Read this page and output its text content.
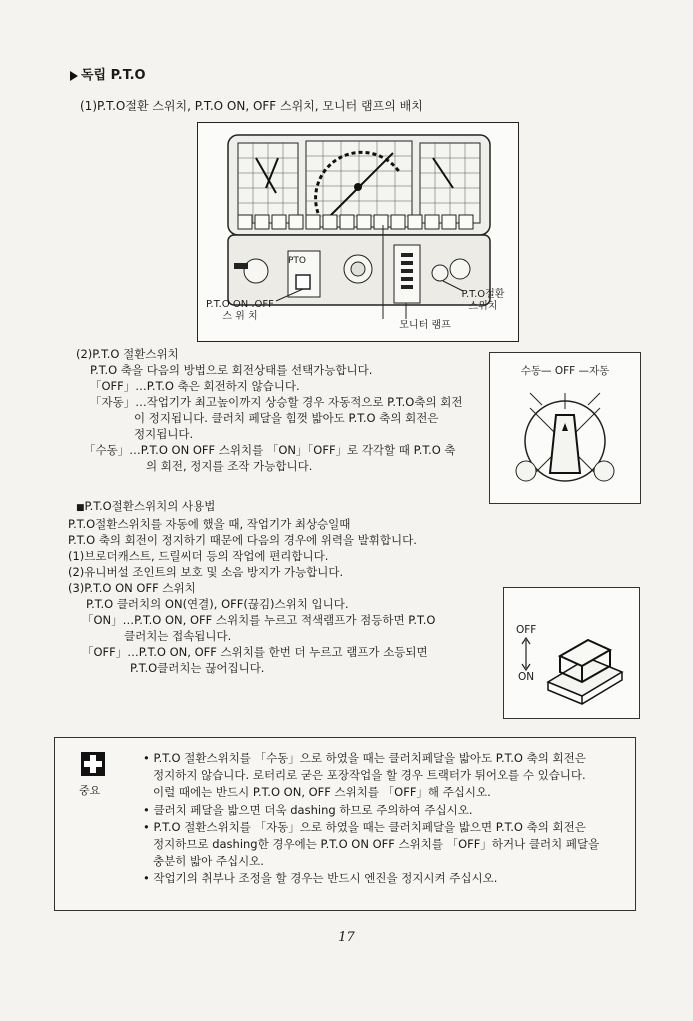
독립 P.T.O
(1)P.T.O절환 스위치, P.T.O ON, OFF 스위치, 모니터 램프의 배치
PTO
P.T.O ON .OFF
스 위 치
모니터 램프
P.T.O절환
스위치
(2)P.T.O 절환스위치
P.T.O 축을 다음의 방법으로 회전상태를 선택가능합니다.
「OFF」…P.T.O 축은 회전하지 않습니다.
「자동」…작업기가 최고높이까지 상승할 경우 자동적으로 P.T.O축의 회전
이 정지됩니다. 클러치 페달을 힘껏 밟아도 P.T.O 축의 회전은
정지됩니다.
「수동」…P.T.O ON OFF 스위치를 「ON」「OFF」로 각각할 때 P.T.O 축
의 회전, 정지를 조작 가능합니다.
수동— OFF —자동
■P.T.O절환스위치의 사용법
P.T.O절환스위치를 자동에 했을 때, 작업기가 최상승일때
P.T.O 축의 회전이 정지하기 때문에 다음의 경우에 위력을 발휘합니다.
(1)브로더캐스트, 드릴씨더 등의 작업에 편리합니다.
(2)유니버설 조인트의 보호 및 소음 방지가 가능합니다.
(3)P.T.O ON OFF 스위치
P.T.O 클러치의 ON(연결), OFF(끊김)스위치 입니다.
「ON」…P.T.O ON, OFF 스위치를 누르고 적색램프가 점등하면 P.T.O
클러치는 접속됩니다.
「OFF」…P.T.O ON, OFF 스위치를 한번 더 누르고 램프가 소등되면
P.T.O클러치는 끊어집니다.
OFF
ON
중요
• P.T.O 절환스위치를 「수동」으로 하였을 때는 클러치페달을 밟아도 P.T.O 축의 회전은
정지하지 않습니다. 로터리로 굳은 포장작업을 할 경우 트랙터가 튀어오를 수 있습니다.
이럴 때에는 반드시 P.T.O ON, OFF 스위치를 「OFF」해 주십시오.
• 클러치 페달을 밟으면 더욱 dashing 하므로 주의하여 주십시오.
• P.T.O 절환스위치를 「자동」으로 하였을 때는 클러치페달을 밟으면 P.T.O 축의 회전은
정지하므로 dashing한 경우에는 P.T.O ON OFF 스위치를 「OFF」하거나 클러치 페달을
충분히 밟아 주십시오.
• 작업기의 취부나 조정을 할 경우는 반드시 엔진을 정지시켜 주십시오.
17
